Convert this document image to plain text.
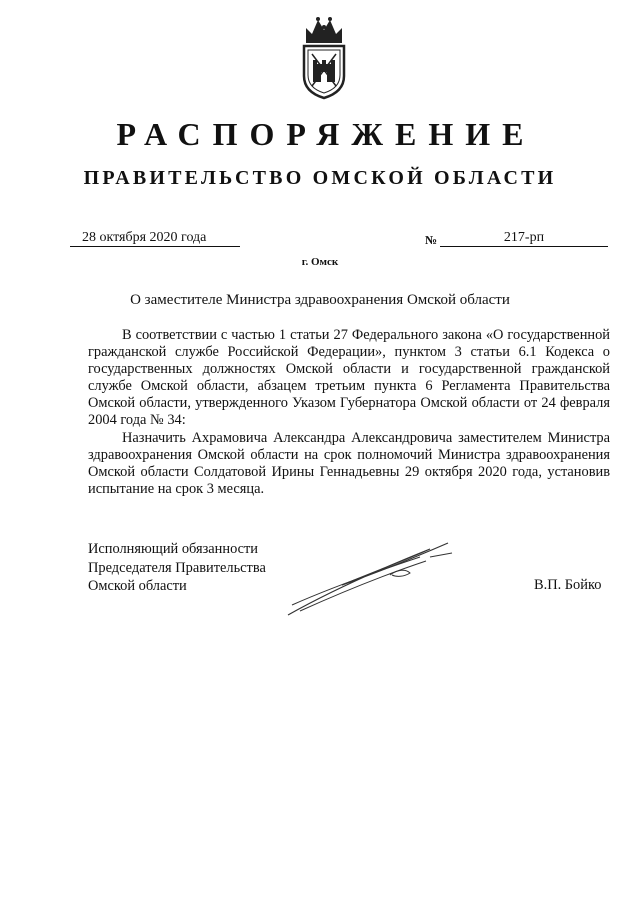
РАСПОРЯЖЕНИЕ
ПРАВИТЕЛЬСТВО ОМСКОЙ ОБЛАСТИ
28 октября 2020 года	№	217-рп
г. Омск
О заместителе Министра здравоохранения Омской области

В соответствии с частью 1 статьи 27 Федерального закона «О государственной гражданской службе Российской Федерации», пунктом 3 статьи 6.1 Кодекса о государственных должностях Омской области и государственной гражданской службе Омской области, абзацем третьим пункта 6 Регламента Правительства Омской области, утвержденного Указом Губернатора Омской области от 24 февраля 2004 года № 34:

Назначить Ахрамовича Александра Александровича заместителем Министра здравоохранения Омской области на срок полномочий Министра здравоохранения Омской области Солдатовой Ирины Геннадьевны 29 октября 2020 года, установив испытание на срок 3 месяца.

Исполняющий обязанности
Председателя Правительства
Омской области	В.П. Бойко
